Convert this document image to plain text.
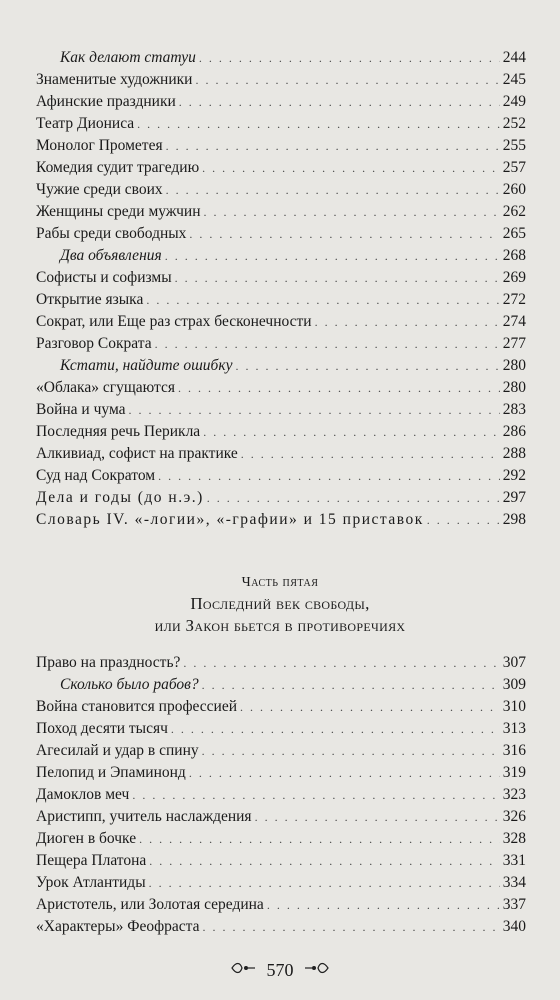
Как делают статуи . . .	244
Знаменитые художники . . .	245
Афинские праздники . . .	249
Театр Диониса . . .	252
Монолог Прометея . . .	255
Комедия судит трагедию . . .	257
Чужие среди своих . . .	260
Женщины среди мужчин . . .	262
Рабы среди свободных . . .	265
Два объявления . . .	268
Софисты и софизмы . . .	269
Открытие языка . . .	272
Сократ, или Еще раз страх бесконечности . . .	274
Разговор Сократа . . .	277
Кстати, найдите ошибку . . .	280
«Облака» сгущаются . . .	280
Война и чума . . .	283
Последняя речь Перикла . . .	286
Алкивиад, софист на практике . . .	288
Суд над Сократом . . .	292
Дела и годы (до н.э.) . . .	297
Словарь IV. «-логии», «-графии» и 15 приставок . . .	298
Часть пятая
Последний век свободы,
или Закон бьется в противоречиях
Право на праздность? . . .	307
Сколько было рабов? . . .	309
Война становится профессией . . .	310
Поход десяти тысяч . . .	313
Агесилай и удар в спину . . .	316
Пелопид и Эпаминонд . . .	319
Дамоклов меч . . .	323
Аристипп, учитель наслаждения . . .	326
Диоген в бочке . . .	328
Пещера Платона . . .	331
Урок Атлантиды . . .	334
Аристотель, или Золотая середина . . .	337
«Характеры» Феофраста . . .	340
570
